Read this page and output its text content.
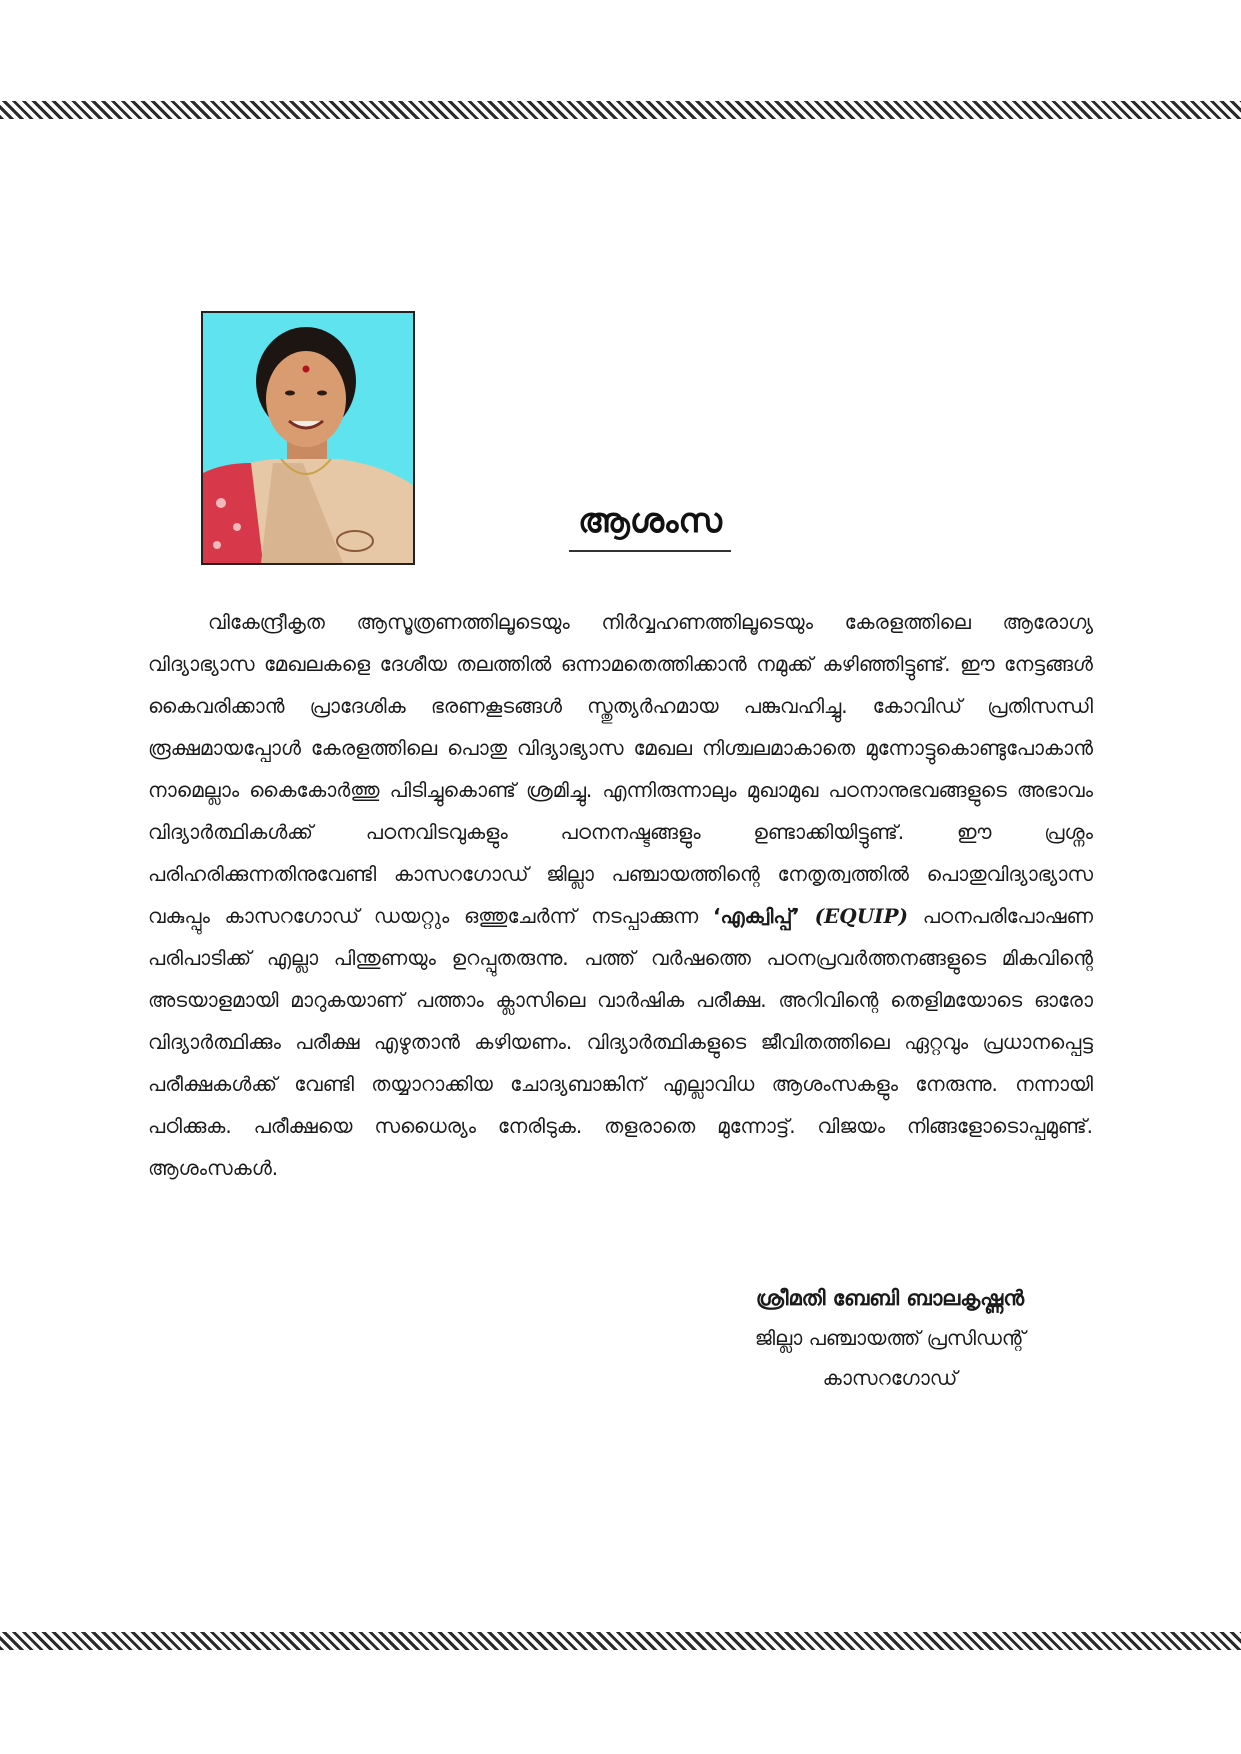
ആശംസ

വികേന്ദ്രീകൃത ആസൂത്രണത്തിലൂടെയും നിർവ്വഹണത്തിലൂടെയും കേരളത്തിലെ ആരോഗ്യ വിദ്യാഭ്യാസ മേഖലകളെ ദേശീയ തലത്തിൽ ഒന്നാമതെത്തിക്കാൻ നമുക്ക് കഴിഞ്ഞിട്ടുണ്ട്. ഈ നേട്ടങ്ങൾ കൈവരിക്കാൻ പ്രാദേശിക ഭരണകൂടങ്ങൾ സ്തുത്യർഹമായ പങ്കുവഹിച്ചു. കോവിഡ് പ്രതിസന്ധി രൂക്ഷമായപ്പോൾ കേരളത്തിലെ പൊതു വിദ്യാഭ്യാസ മേഖല നിശ്ചലമാകാതെ മുന്നോട്ടുകൊണ്ടുപോകാൻ നാമെല്ലാം കൈകോർത്തു പിടിച്ചുകൊണ്ട് ശ്രമിച്ചു. എന്നിരുന്നാലും മുഖാമുഖ പഠനാനുഭവങ്ങളുടെ അഭാവം വിദ്യാർത്ഥികൾക്ക് പഠനവിടവുകളും പഠനനഷ്ടങ്ങളും ഉണ്ടാക്കിയിട്ടുണ്ട്. ഈ പ്രശ്നം പരിഹരിക്കുന്നതിനുവേണ്ടി കാസറഗോഡ് ജില്ലാ പഞ്ചായത്തിന്റെ നേതൃത്വത്തിൽ പൊതുവിദ്യാഭ്യാസ വകുപ്പും കാസറഗോഡ് ഡയറ്റും ഒത്തുചേർന്ന് നടപ്പാക്കുന്ന ‘എക്വിപ്പ്’ (EQUIP) പഠനപരിപോഷണ പരിപാടിക്ക് എല്ലാ പിന്തുണയും ഉറപ്പുതരുന്നു. പത്ത് വർഷത്തെ പഠനപ്രവർത്തനങ്ങളുടെ മികവിന്റെ അടയാളമായി മാറുകയാണ് പത്താം ക്ലാസിലെ വാർഷിക പരീക്ഷ. അറിവിന്റെ തെളിമയോടെ ഓരോ വിദ്യാർത്ഥിക്കും പരീക്ഷ എഴുതാൻ കഴിയണം. വിദ്യാർത്ഥികളുടെ ജീവിതത്തിലെ ഏറ്റവും പ്രധാനപ്പെട്ട പരീക്ഷകൾക്ക് വേണ്ടി തയ്യാറാക്കിയ ചോദ്യബാങ്കിന് എല്ലാവിധ ആശംസകളും നേരുന്നു. നന്നായി പഠിക്കുക. പരീക്ഷയെ സധൈര്യം നേരിടുക. തളരാതെ മുന്നോട്ട്. വിജയം നിങ്ങളോടൊപ്പമുണ്ട്. ആശംസകൾ.

ശ്രീമതി ബേബി ബാലകൃഷ്ണൻ
ജില്ലാ പഞ്ചായത്ത് പ്രസിഡന്റ്
കാസറഗോഡ്
